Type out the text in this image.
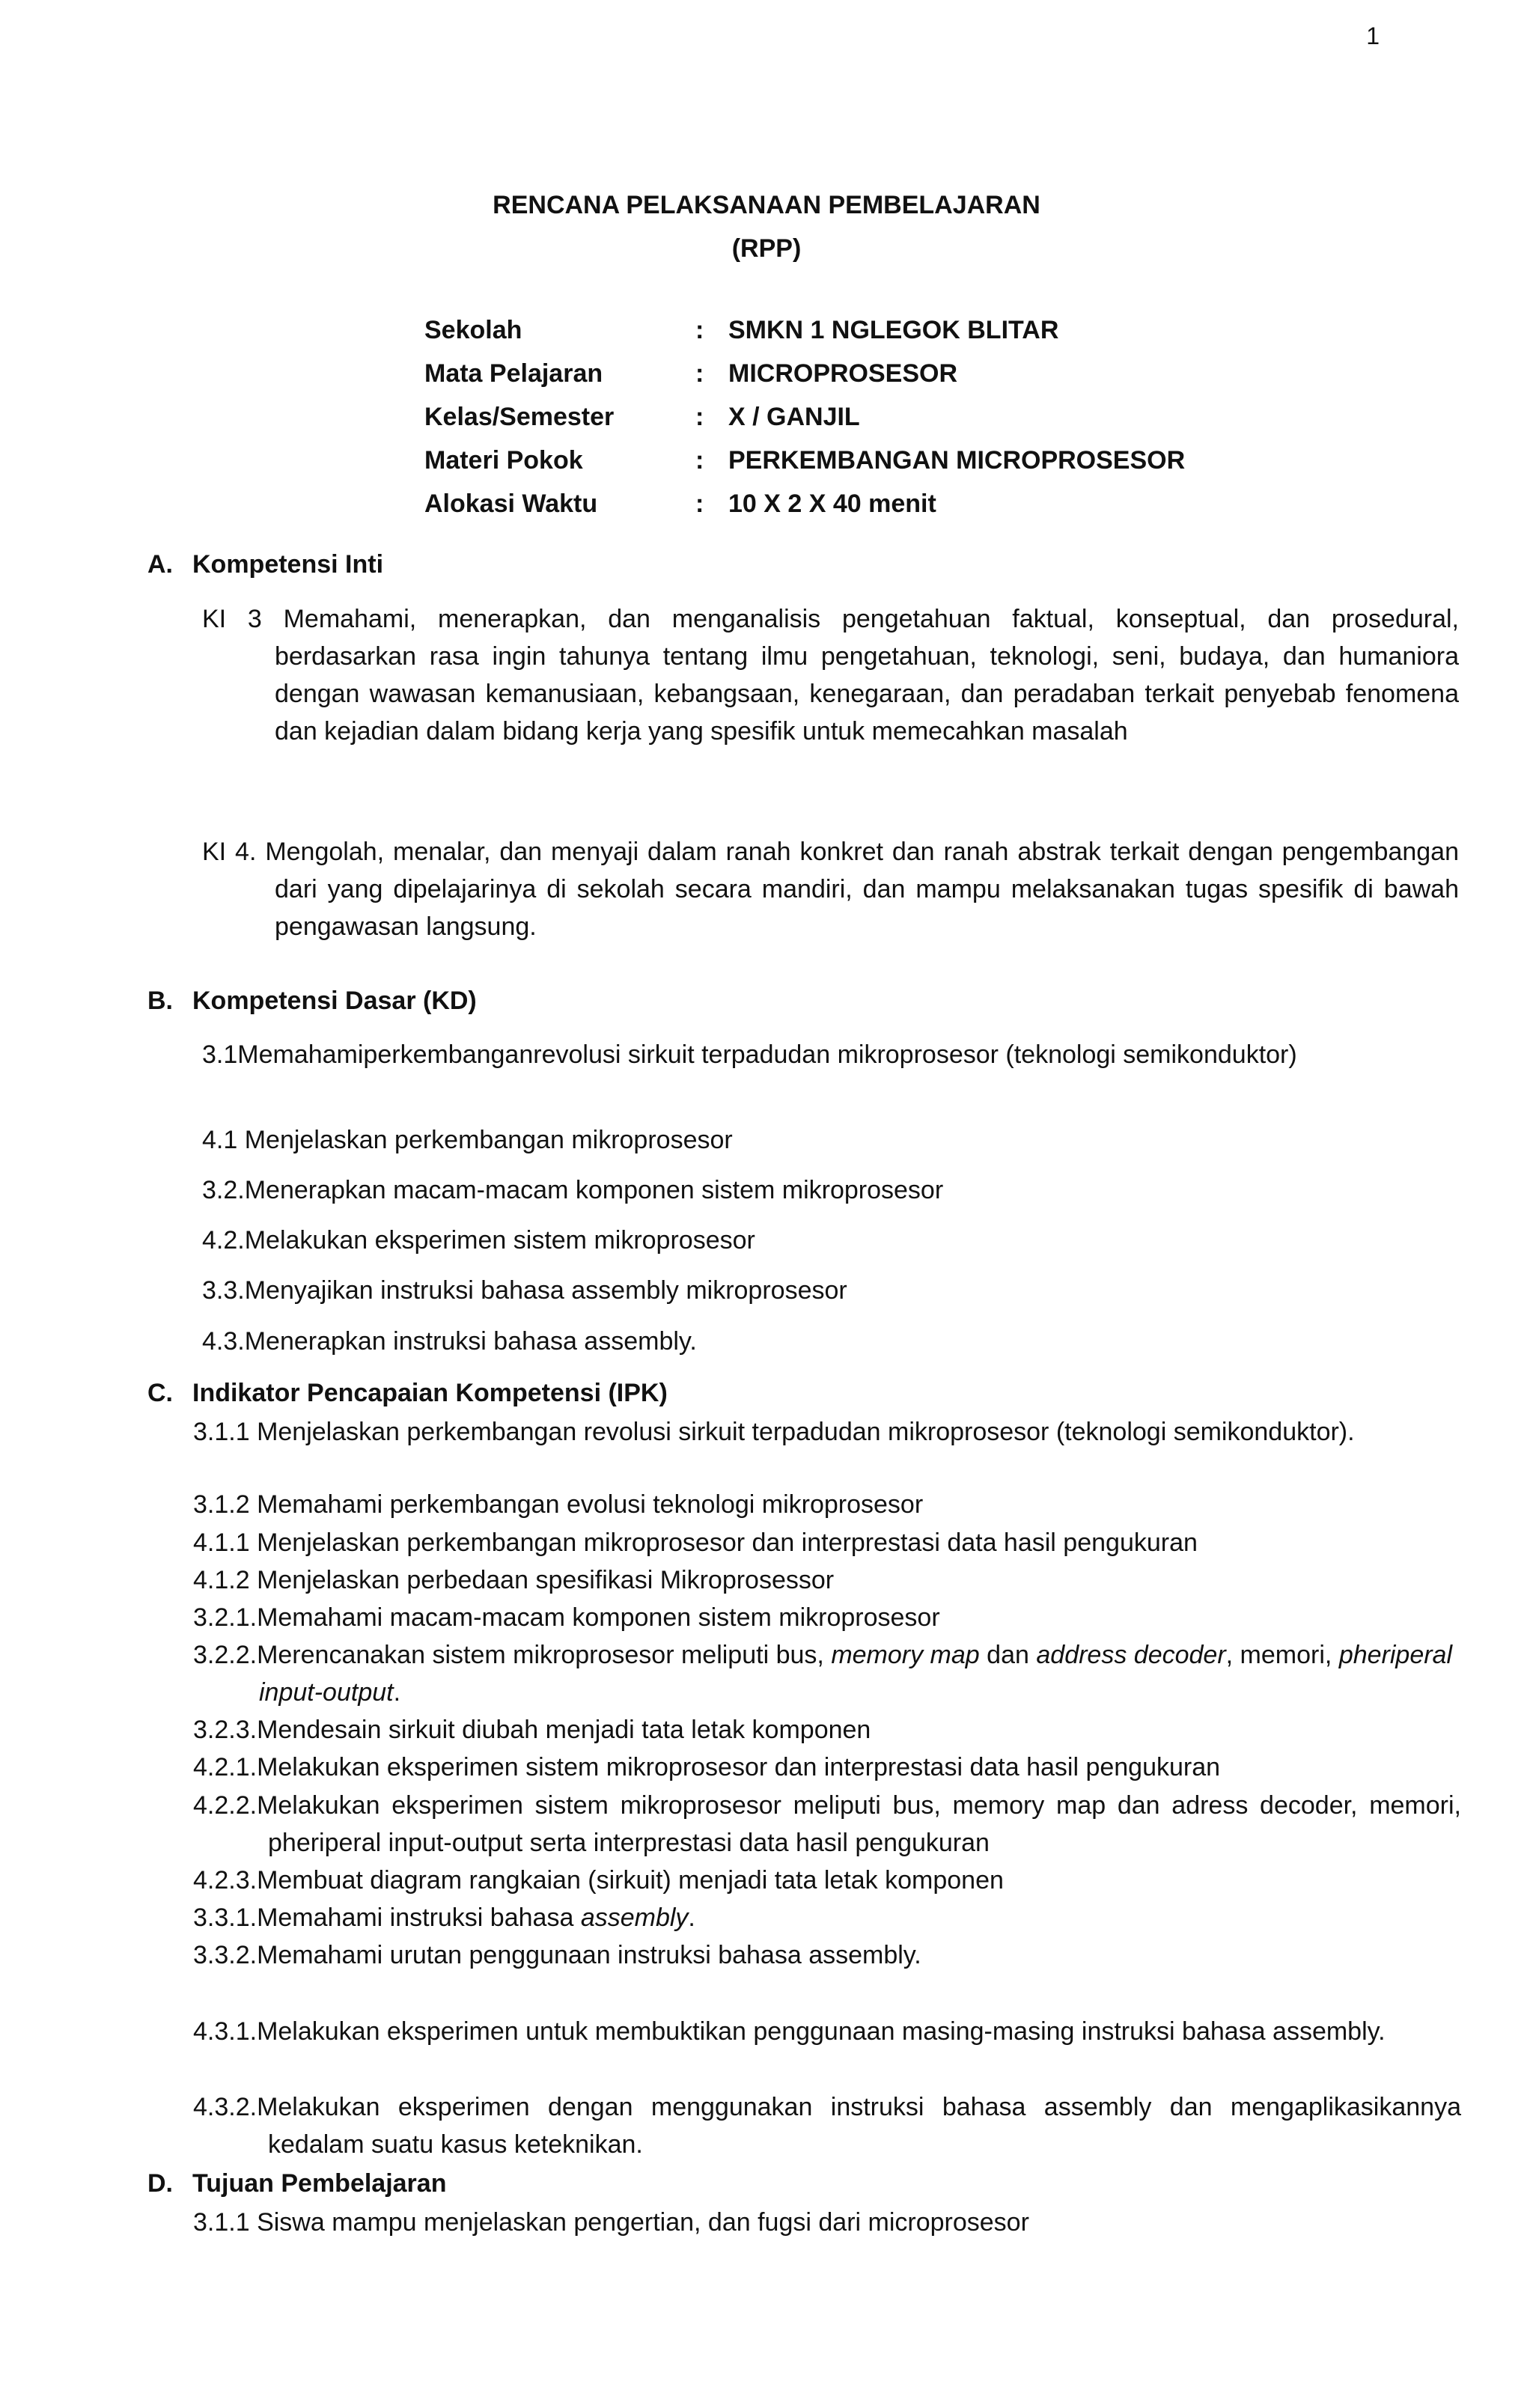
1
RENCANA PELAKSANAAN PEMBELAJARAN
(RPP)
Sekolah	: SMKN 1 NGLEGOK BLITAR
Mata Pelajaran	: MICROPROSESOR
Kelas/Semester	: X / GANJIL
Materi Pokok	: PERKEMBANGAN MICROPROSESOR
Alokasi Waktu	: 10 X 2 X 40 menit
A. Kompetensi Inti
KI 3 Memahami, menerapkan, dan menganalisis pengetahuan faktual, konseptual, dan prosedural, berdasarkan rasa ingin tahunya tentang ilmu pengetahuan, teknologi, seni, budaya, dan humaniora dengan wawasan kemanusiaan, kebangsaan, kenegaraan, dan peradaban terkait penyebab fenomena dan kejadian dalam bidang kerja yang spesifik untuk memecahkan masalah
KI 4. Mengolah, menalar, dan menyaji dalam ranah konkret dan ranah abstrak terkait dengan pengembangan dari yang dipelajarinya di sekolah secara mandiri, dan mampu melaksanakan tugas spesifik di bawah pengawasan langsung.
B. Kompetensi Dasar (KD)
3.1Memahamiperkembanganrevolusi sirkuit terpadudan mikroprosesor (teknologi semikonduktor)
4.1 Menjelaskan perkembangan mikroprosesor
3.2.Menerapkan macam-macam komponen sistem mikroprosesor
4.2.Melakukan eksperimen sistem mikroprosesor
3.3.Menyajikan instruksi bahasa assembly mikroprosesor
4.3.Menerapkan instruksi bahasa assembly.
C. Indikator Pencapaian Kompetensi (IPK)
3.1.1 Menjelaskan perkembangan revolusi sirkuit terpadudan mikroprosesor (teknologi semikonduktor).
3.1.2 Memahami perkembangan evolusi teknologi mikroprosesor
4.1.1 Menjelaskan perkembangan mikroprosesor dan interprestasi data hasil pengukuran
4.1.2 Menjelaskan perbedaan spesifikasi Mikroprosessor
3.2.1.Memahami macam-macam komponen sistem mikroprosesor
3.2.2.Merencanakan sistem mikroprosesor meliputi bus, memory map dan address decoder, memori, pheriperal input-output.
3.2.3.Mendesain sirkuit diubah menjadi tata letak komponen
4.2.1.Melakukan eksperimen sistem mikroprosesor dan interprestasi data hasil pengukuran
4.2.2.Melakukan eksperimen sistem mikroprosesor meliputi bus, memory map dan adress decoder, memori, pheriperal input-output serta interprestasi data hasil pengukuran
4.2.3.Membuat diagram rangkaian (sirkuit) menjadi tata letak komponen
3.3.1.Memahami instruksi bahasa assembly.
3.3.2.Memahami urutan penggunaan instruksi bahasa assembly.
4.3.1.Melakukan eksperimen untuk membuktikan penggunaan masing-masing instruksi bahasa assembly.
4.3.2.Melakukan eksperimen dengan menggunakan instruksi bahasa assembly dan mengaplikasikannya kedalam suatu kasus keteknikan.
D. Tujuan Pembelajaran
3.1.1 Siswa mampu menjelaskan pengertian, dan fugsi dari microprosesor
